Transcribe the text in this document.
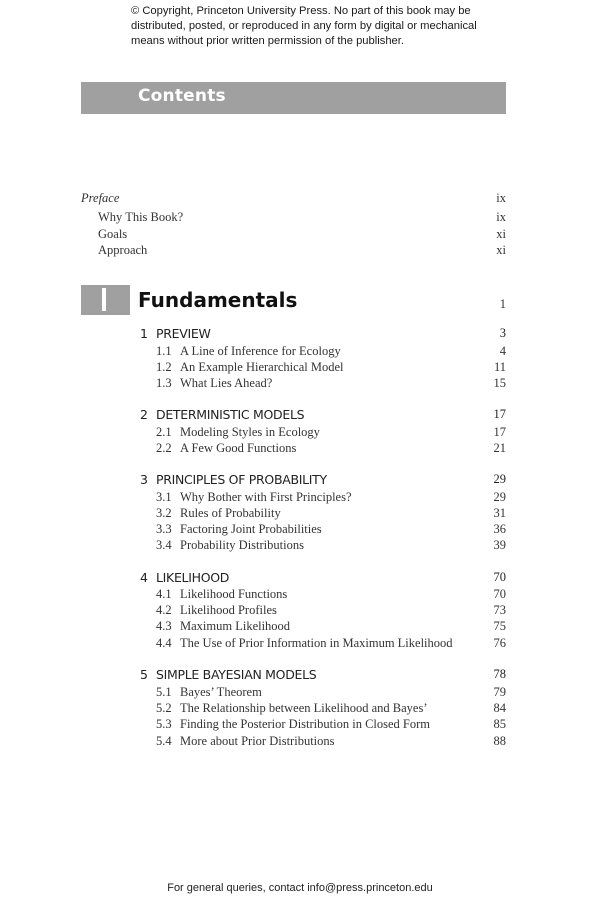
© Copyright, Princeton University Press. No part of this book may be distributed, posted, or reproduced in any form by digital or mechanical means without prior written permission of the publisher.
Contents
Preface	ix
Why This Book?	ix
Goals	xi
Approach	xi
Fundamentals	1
1 PREVIEW	3
1.1 A Line of Inference for Ecology	4
1.2 An Example Hierarchical Model	11
1.3 What Lies Ahead?	15
2 DETERMINISTIC MODELS	17
2.1 Modeling Styles in Ecology	17
2.2 A Few Good Functions	21
3 PRINCIPLES OF PROBABILITY	29
3.1 Why Bother with First Principles?	29
3.2 Rules of Probability	31
3.3 Factoring Joint Probabilities	36
3.4 Probability Distributions	39
4 LIKELIHOOD	70
4.1 Likelihood Functions	70
4.2 Likelihood Profiles	73
4.3 Maximum Likelihood	75
4.4 The Use of Prior Information in Maximum Likelihood	76
5 SIMPLE BAYESIAN MODELS	78
5.1 Bayes’ Theorem	79
5.2 The Relationship between Likelihood and Bayes’	84
5.3 Finding the Posterior Distribution in Closed Form	85
5.4 More about Prior Distributions	88
For general queries, contact info@press.princeton.edu
